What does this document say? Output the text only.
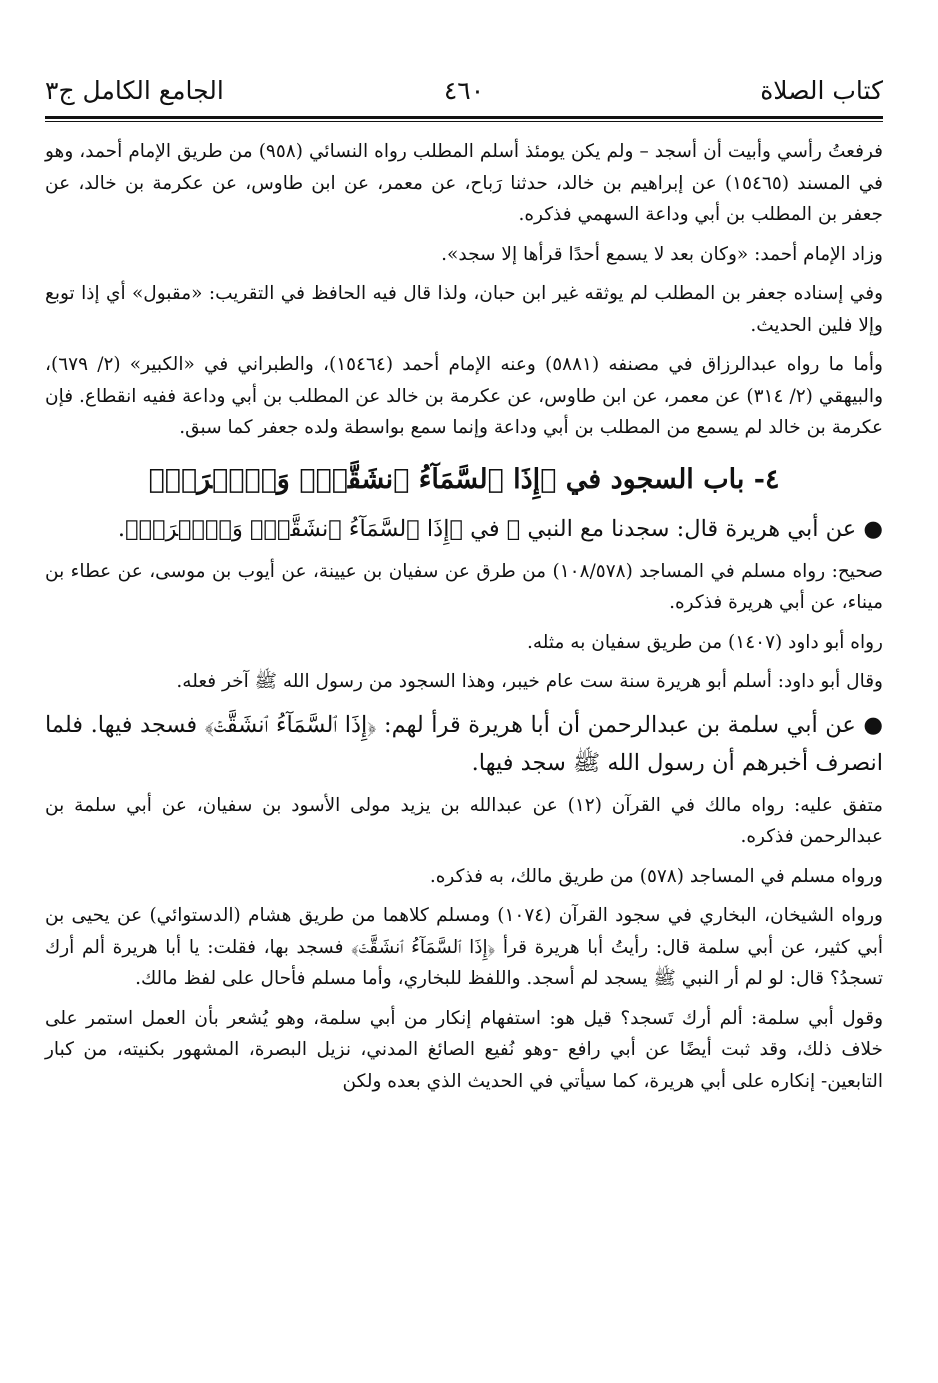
كتاب الصلاة
٤٦٠
الجامع الكامل ج٣

فرفعتُ رأسي وأبيت أن أسجد – ولم يكن يومئذ أسلم المطلب رواه النسائي (٩٥٨) من طريق الإمام أحمد، وهو في المسند (١٥٤٦٥) عن إبراهيم بن خالد، حدثنا رَباح، عن معمر، عن ابن طاوس، عن عكرمة بن خالد، عن جعفر بن المطلب بن أبي وداعة السهمي فذكره.

وزاد الإمام أحمد: «وكان بعد لا يسمع أحدًا قرأها إلا سجد».

وفي إسناده جعفر بن المطلب لم يوثقه غير ابن حبان، ولذا قال فيه الحافظ في التقريب: «مقبول» أي إذا توبع وإلا فلين الحديث.

وأما ما رواه عبدالرزاق في مصنفه (٥٨٨١) وعنه الإمام أحمد (١٥٤٦٤)، والطبراني في «الكبير» (٢/ ٦٧٩)، والبيهقي (٢/ ٣١٤) عن معمر، عن ابن طاوس، عن عكرمة بن خالد عن المطلب بن أبي وداعة ففيه انقطاع. فإن عكرمة بن خالد لم يسمع من المطلب بن أبي وداعة وإنما سمع بواسطة ولده جعفر كما سبق.

٤- باب السجود في ﴿إِذَا ٱلسَّمَآءُ ٱنشَقَّتۡ﴾ وَ﴿ٱقۡرَأۡ﴾

● عن أبي هريرة قال: سجدنا مع النبي ﷺ في ﴿إِذَا ٱلسَّمَآءُ ٱنشَقَّتۡ﴾ وَ﴿ٱقۡرَأۡ﴾.

صحيح: رواه مسلم في المساجد (١٠٨/٥٧٨) من طرق عن سفيان بن عيينة، عن أيوب بن موسى، عن عطاء بن ميناء، عن أبي هريرة فذكره.

رواه أبو داود (١٤٠٧) من طريق سفيان به مثله.

وقال أبو داود: أسلم أبو هريرة سنة ست عام خيبر، وهذا السجود من رسول الله ﷺ آخر فعله.

● عن أبي سلمة بن عبدالرحمن أن أبا هريرة قرأ لهم: ﴿إِذَا ٱلسَّمَآءُ ٱنشَقَّتۡ﴾ فسجد فيها. فلما انصرف أخبرهم أن رسول الله ﷺ سجد فيها.

متفق عليه: رواه مالك في القرآن (١٢) عن عبدالله بن يزيد مولى الأسود بن سفيان، عن أبي سلمة بن عبدالرحمن فذكره.

ورواه مسلم في المساجد (٥٧٨) من طريق مالك، به فذكره.

ورواه الشيخان، البخاري في سجود القرآن (١٠٧٤) ومسلم كلاهما من طريق هشام (الدستوائي) عن يحيى بن أبي كثير، عن أبي سلمة قال: رأيتُ أبا هريرة قرأ ﴿إِذَا ٱلسَّمَآءُ ٱنشَقَّتۡ﴾ فسجد بها، فقلت: يا أبا هريرة ألم أرك تسجدُ؟ قال: لو لم أر النبي ﷺ يسجد لم أسجد. واللفظ للبخاري، وأما مسلم فأحال على لفظ مالك.

وقول أبي سلمة: ألم أرك تَسجد؟ قيل هو: استفهام إنكار من أبي سلمة، وهو يُشعر بأن العمل استمر على خلاف ذلك، وقد ثبت أيضًا عن أبي رافع -وهو نُفيع الصائغ المدني، نزيل البصرة، المشهور بكنيته، من كبار التابعين- إنكاره على أبي هريرة، كما سيأتي في الحديث الذي بعده ولكن
